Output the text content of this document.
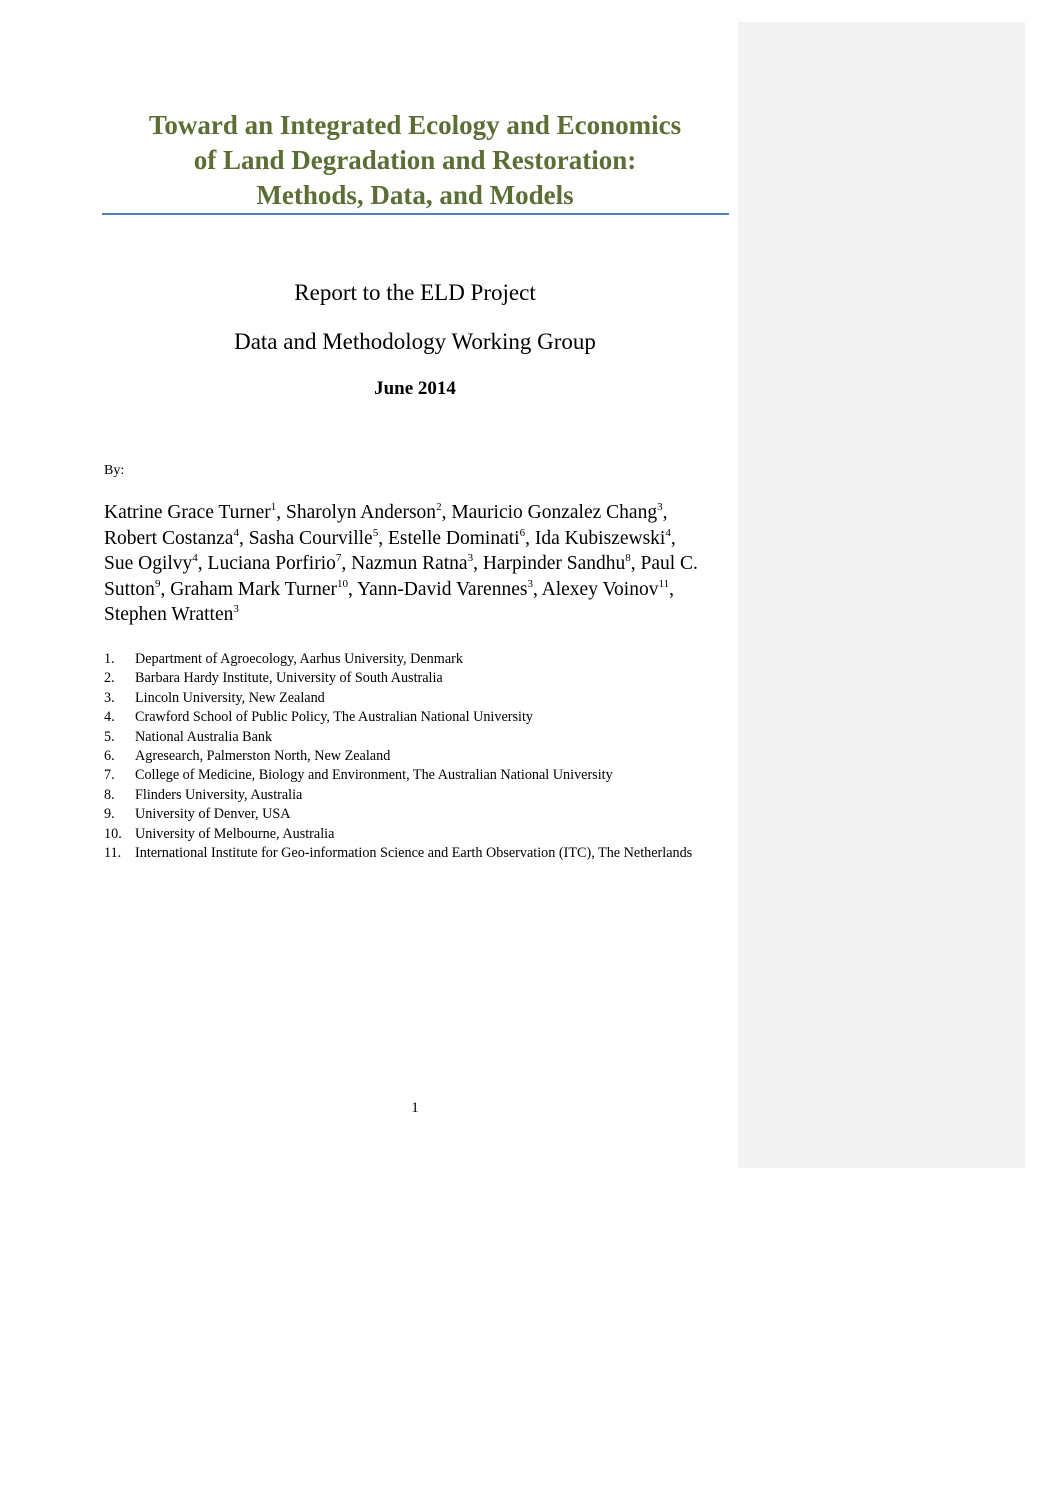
Toward an Integrated Ecology and Economics
of Land Degradation and Restoration:
Methods, Data, and Models
Report to the ELD Project
Data and Methodology Working Group
June 2014
By:
Katrine Grace Turner$^1$, Sharolyn Anderson$^2$, Mauricio Gonzalez Chang$^3$, Robert Costanza$^4$, Sasha Courville$^5$, Estelle Dominati$^6$, Ida Kubiszewski$^4$, Sue Ogilvy$^4$, Luciana Porfirio$^7$, Nazmun Ratna$^3$, Harpinder Sandhu$^8$, Paul C. Sutton$^9$, Graham Mark Turner$^{10}$, Yann-David Varennes$^3$, Alexey Voinov$^{11}$, Stephen Wratten$^3$
1.	Department of Agroecology, Aarhus University, Denmark
2.	Barbara Hardy Institute, University of South Australia
3.	Lincoln University, New Zealand
4.	Crawford School of Public Policy, The Australian National University
5.	National Australia Bank
6.	Agresearch, Palmerston North, New Zealand
7.	College of Medicine, Biology and Environment, The Australian National University
8.	Flinders University, Australia
9.	University of Denver, USA
10. University of Melbourne, Australia
11. International Institute for Geo-information Science and Earth Observation (ITC), The Netherlands
1
